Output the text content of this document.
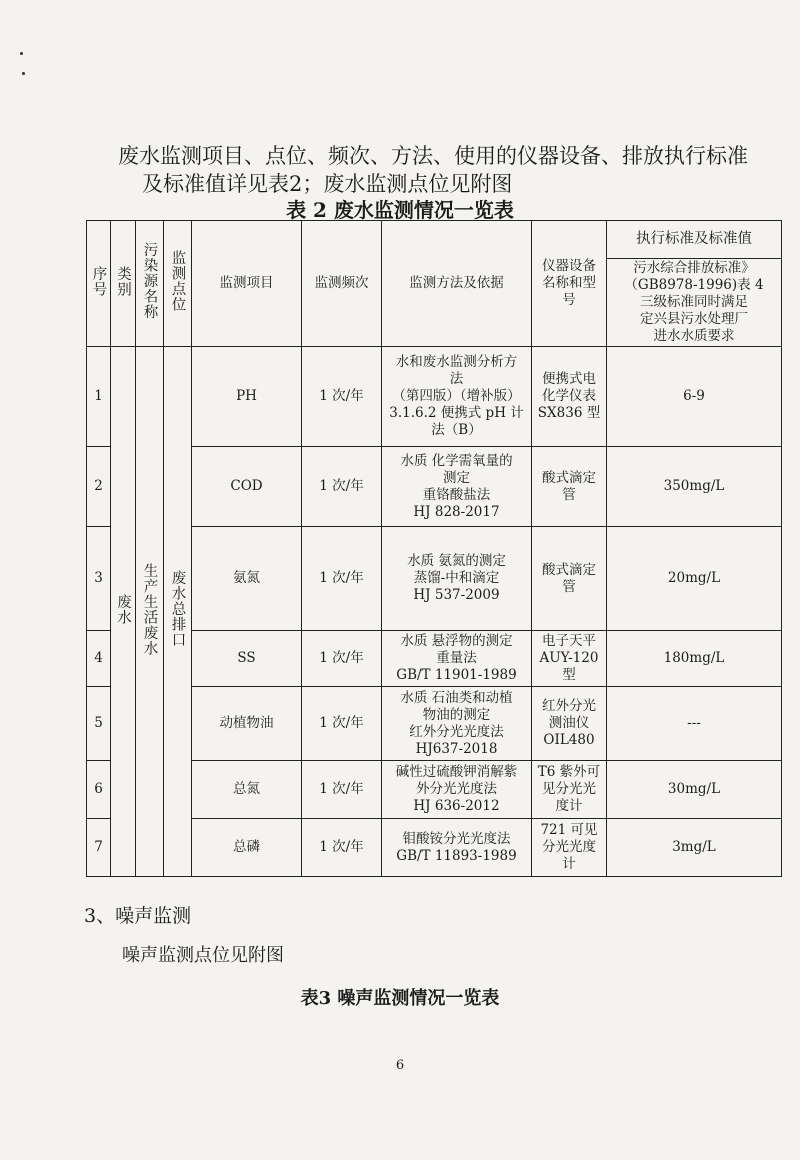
废水监测项目、点位、频次、方法、使用的仪器设备、排放执行标准
及标准值详见表2；废水监测点位见附图
表 2 废水监测情况一览表
序号	类别	污染源名称	监测点位	监测项目	监测频次	监测方法及依据	仪器设备
名称和型
号	执行标准及标准值
								污水综合排放标准》
（GB8978-1996)表 4
三级标准同时满足
定兴县污水处理厂
进水水质要求
1	废水	生产生活废水	废水总排口	PH	1 次/年	水和废水监测分析方
法
（第四版）（增补版）
3.1.6.2 便携式 pH 计
法（B）	便携式电
化学仪表
SX836 型	6-9
2				COD	1 次/年	水质 化学需氧量的
测定
重铬酸盐法
HJ 828-2017	酸式滴定
管	350mg/L
3				氨氮	1 次/年	水质 氨氮的测定
蒸馏-中和滴定
HJ 537-2009	酸式滴定
管	20mg/L
4				SS	1 次/年	水质 悬浮物的测定
重量法
GB/T 11901-1989	电子天平
AUY-120
型	180mg/L
5				动植物油	1 次/年	水质 石油类和动植
物油的测定
红外分光光度法
HJ637-2018	红外分光
测油仪
OIL480	---
6				总氮	1 次/年	碱性过硫酸钾消解紫
外分光光度法
HJ 636-2012	T6 紫外可
见分光光
度计	30mg/L
7				总磷	1 次/年	钼酸铵分光光度法
GB/T 11893-1989	721 可见
分光光度
计	3mg/L
3、噪声监测
噪声监测点位见附图
表3 噪声监测情况一览表
6
